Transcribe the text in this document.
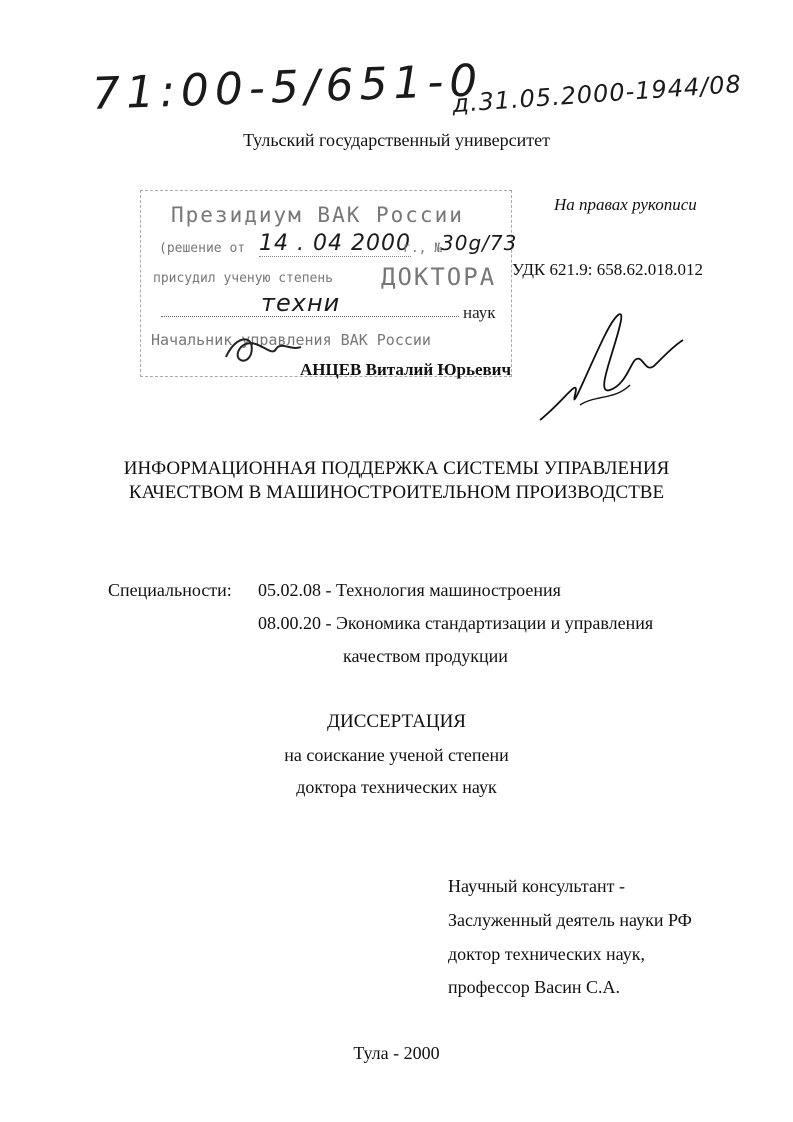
71:00-5/651-0
д.31.05.2000-1944/08
Тульский государственный университет
Президиум ВАК России
(решение от 14 . 04 2000
г., №
30g/73
присудил ученую степень ДОКТОРА
техни	наук
Начальник управления ВАК России
На правах рукописи
УДК 621.9: 658.62.018.012
АНЦЕВ Виталий Юрьевич
ИНФОРМАЦИОННАЯ ПОДДЕРЖКА СИСТЕМЫ УПРАВЛЕНИЯ
КАЧЕСТВОМ В МАШИНОСТРОИТЕЛЬНОМ ПРОИЗВОДСТВЕ
Специальности: 05.02.08 - Технология машиностроения
08.00.20 - Экономика стандартизации и управления
качеством продукции
ДИССЕРТАЦИЯ
на соискание ученой степени
доктора технических наук
Научный консультант -
Заслуженный деятель науки РФ
доктор технических наук,
профессор Васин С.А.
Тула - 2000
